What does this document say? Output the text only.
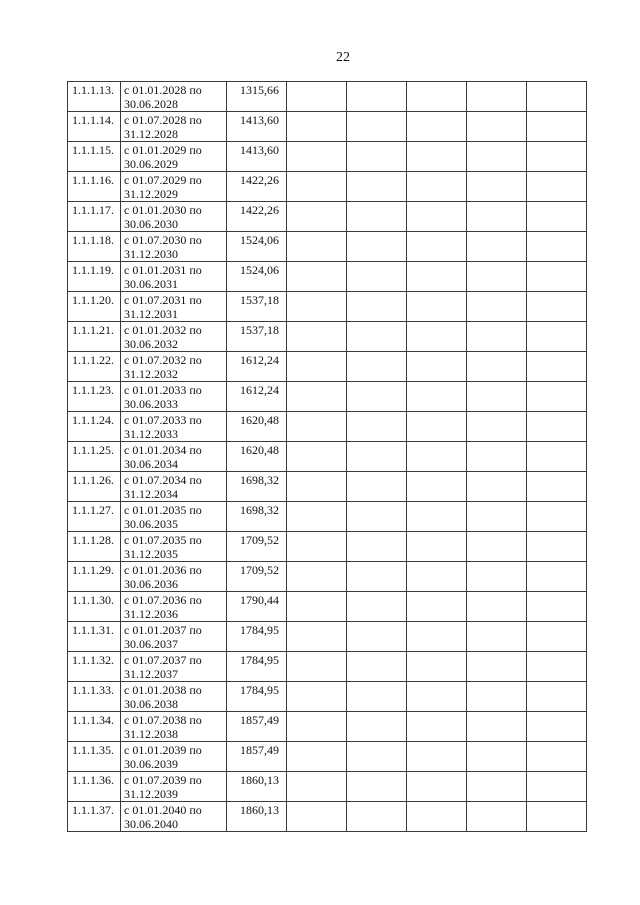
22
1.1.1.13.	с 01.01.2028 по
30.06.2028	1315,66					
1.1.1.14.	с 01.07.2028 по
31.12.2028	1413,60					
1.1.1.15.	с 01.01.2029 по
30.06.2029	1413,60					
1.1.1.16.	с 01.07.2029 по
31.12.2029	1422,26					
1.1.1.17.	с 01.01.2030 по
30.06.2030	1422,26					
1.1.1.18.	с 01.07.2030 по
31.12.2030	1524,06					
1.1.1.19.	с 01.01.2031 по
30.06.2031	1524,06					
1.1.1.20.	с 01.07.2031 по
31.12.2031	1537,18					
1.1.1.21.	с 01.01.2032 по
30.06.2032	1537,18					
1.1.1.22.	с 01.07.2032 по
31.12.2032	1612,24					
1.1.1.23.	с 01.01.2033 по
30.06.2033	1612,24					
1.1.1.24.	с 01.07.2033 по
31.12.2033	1620,48					
1.1.1.25.	с 01.01.2034 по
30.06.2034	1620,48					
1.1.1.26.	с 01.07.2034 по
31.12.2034	1698,32					
1.1.1.27.	с 01.01.2035 по
30.06.2035	1698,32					
1.1.1.28.	с 01.07.2035 по
31.12.2035	1709,52					
1.1.1.29.	с 01.01.2036 по
30.06.2036	1709,52					
1.1.1.30.	с 01.07.2036 по
31.12.2036	1790,44					
1.1.1.31.	с 01.01.2037 по
30.06.2037	1784,95					
1.1.1.32.	с 01.07.2037 по
31.12.2037	1784,95					
1.1.1.33.	с 01.01.2038 по
30.06.2038	1784,95					
1.1.1.34.	с 01.07.2038 по
31.12.2038	1857,49					
1.1.1.35.	с 01.01.2039 по
30.06.2039	1857,49					
1.1.1.36.	с 01.07.2039 по
31.12.2039	1860,13					
1.1.1.37.	с 01.01.2040 по
30.06.2040	1860,13					
